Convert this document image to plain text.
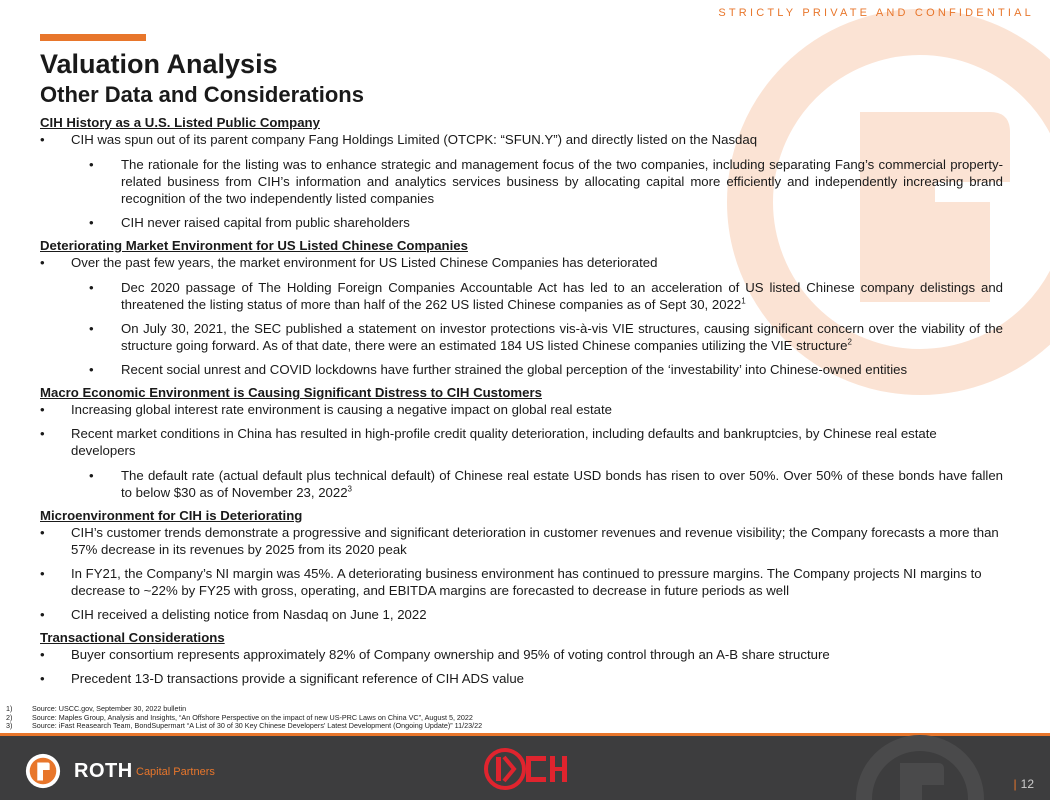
STRICTLY PRIVATE AND CONFIDENTIAL
Valuation Analysis
Other Data and Considerations
CIH History as a U.S. Listed Public Company
• CIH was spun out of its parent company Fang Holdings Limited (OTCPK: “SFUN.Y”) and directly listed on the Nasdaq
• The rationale for the listing was to enhance strategic and management focus of the two companies, including separating Fang’s commercial property-related business from CIH’s information and analytics services business by allocating capital more efficiently and independently increasing brand recognition of the two independently listed companies
• CIH never raised capital from public shareholders
Deteriorating Market Environment for US Listed Chinese Companies
• Over the past few years, the market environment for US Listed Chinese Companies has deteriorated
• Dec 2020 passage of The Holding Foreign Companies Accountable Act has led to an acceleration of US listed Chinese company delistings and threatened the listing status of more than half of the 262 US listed Chinese companies as of Sept 30, 2022$^1$
• On July 30, 2021, the SEC published a statement on investor protections vis-à-vis VIE structures, causing significant concern over the viability of the structure going forward. As of that date, there were an estimated 184 US listed Chinese companies utilizing the VIE structure$^2$
• Recent social unrest and COVID lockdowns have further strained the global perception of the ‘investability’ into Chinese-owned entities
Macro Economic Environment is Causing Significant Distress to CIH Customers
• Increasing global interest rate environment is causing a negative impact on global real estate
• Recent market conditions in China has resulted in high-profile credit quality deterioration, including defaults and bankruptcies, by Chinese real estate developers
• The default rate (actual default plus technical default) of Chinese real estate USD bonds has risen to over 50%. Over 50% of these bonds have fallen to below $30 as of November 23, 2022$^3$
Microenvironment for CIH is Deteriorating
• CIH’s customer trends demonstrate a progressive and significant deterioration in customer revenues and revenue visibility; the Company forecasts a more than 57% decrease in its revenues by 2025 from its 2020 peak
• In FY21, the Company’s NI margin was 45%. A deteriorating business environment has continued to pressure margins. The Company projects NI margins to decrease to ~22% by FY25 with gross, operating, and EBITDA margins are forecasted to decrease in future periods as well
• CIH received a delisting notice from Nasdaq on June 1, 2022
Transactional Considerations
• Buyer consortium represents approximately 82% of Company ownership and 95% of voting control through an A-B share structure
• Precedent 13-D transactions provide a significant reference of CIH ADS value
1)	Source: USCC.gov, September 30, 2022 bulletin
2)	Source: Maples Group, Analysis and Insights, “An Offshore Perspective on the impact of new US-PRC Laws on China VC”, August 5, 2022
3)	Source: iFast Reasearch Team, BondSupermart “A List of 30 of 30 Key Chinese Developers’ Latest Development (Ongoing Update)” 11/23/22
ROTH Capital Partners
| 12
